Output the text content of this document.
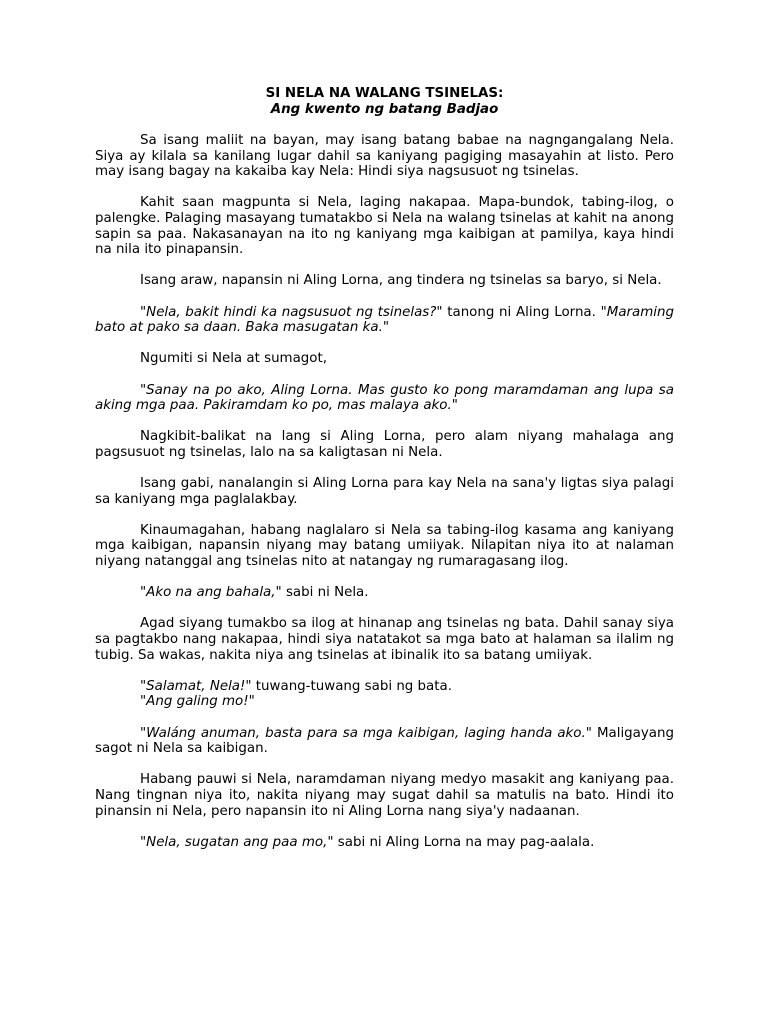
SI NELA NA WALANG TSINELAS:
Ang kwento ng batang Badjao

Sa isang maliit na bayan, may isang batang babae na nagngangalang Nela. Siya ay kilala sa kanilang lugar dahil sa kaniyang pagiging masayahin at listo. Pero may isang bagay na kakaiba kay Nela: Hindi siya nagsusuot ng tsinelas.

Kahit saan magpunta si Nela, laging nakapaa. Mapa-bundok, tabing-ilog, o palengke. Palaging masayang tumatakbo si Nela na walang tsinelas at kahit na anong sapin sa paa. Nakasanayan na ito ng kaniyang mga kaibigan at pamilya, kaya hindi na nila ito pinapansin.

Isang araw, napansin ni Aling Lorna, ang tindera ng tsinelas sa baryo, si Nela.

"Nela, bakit hindi ka nagsusuot ng tsinelas?" tanong ni Aling Lorna. "Maraming bato at pako sa daan. Baka masugatan ka."

Ngumiti si Nela at sumagot,

"Sanay na po ako, Aling Lorna. Mas gusto ko pong maramdaman ang lupa sa aking mga paa. Pakiramdam ko po, mas malaya ako."

Nagkibit-balikat na lang si Aling Lorna, pero alam niyang mahalaga ang pagsusuot ng tsinelas, lalo na sa kaligtasan ni Nela.

Isang gabi, nanalangin si Aling Lorna para kay Nela na sana'y ligtas siya palagi sa kaniyang mga paglalakbay.

Kinaumagahan, habang naglalaro si Nela sa tabing-ilog kasama ang kaniyang mga kaibigan, napansin niyang may batang umiiyak. Nilapitan niya ito at nalaman niyang natanggal ang tsinelas nito at natangay ng rumaragasang ilog.

"Ako na ang bahala," sabi ni Nela.

Agad siyang tumakbo sa ilog at hinanap ang tsinelas ng bata. Dahil sanay siya sa pagtakbo nang nakapaa, hindi siya natatakot sa mga bato at halaman sa ilalim ng tubig. Sa wakas, nakita niya ang tsinelas at ibinalik ito sa batang umiiyak.

"Salamat, Nela!" tuwang-tuwang sabi ng bata.

"Ang galing mo!"

"Waláng anuman, basta para sa mga kaibigan, laging handa ako." Maligayang sagot ni Nela sa kaibigan.

Habang pauwi si Nela, naramdaman niyang medyo masakit ang kaniyang paa. Nang tingnan niya ito, nakita niyang may sugat dahil sa matulis na bato. Hindi ito pinansin ni Nela, pero napansin ito ni Aling Lorna nang siya'y nadaanan.

"Nela, sugatan ang paa mo," sabi ni Aling Lorna na may pag-aalala.
